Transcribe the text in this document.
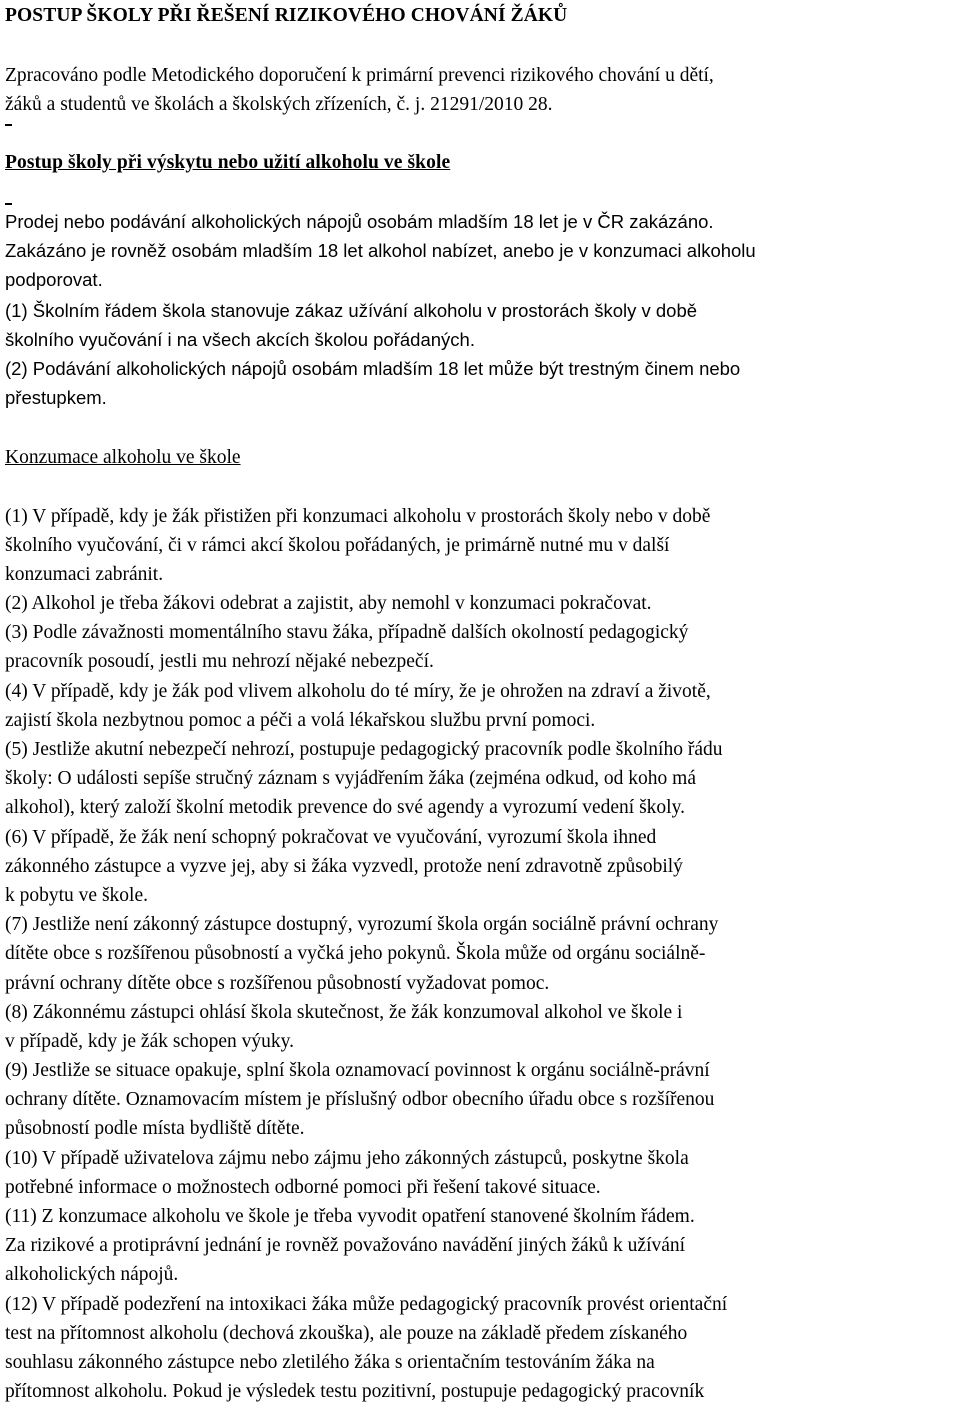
POSTUP ŠKOLY PŘI ŘEŠENÍ RIZIKOVÉHO CHOVÁNÍ ŽÁKŮ
Zpracováno podle Metodického doporučení k primární prevenci rizikového chování u dětí,
žáků a studentů ve školách a školských zřízeních, č. j. 21291/2010 28.
Postup školy při výskytu nebo užití alkoholu ve škole
Prodej nebo podávání alkoholických nápojů osobám mladším 18 let je v ČR zakázáno.
Zakázáno je rovněž osobám mladším 18 let alkohol nabízet, anebo je v konzumaci alkoholu
podporovat.
(1) Školním řádem škola stanovuje zákaz užívání alkoholu v prostorách školy v době
školního vyučování i na všech akcích školou pořádaných.
(2) Podávání alkoholických nápojů osobám mladším 18 let může být trestným činem nebo
přestupkem.
Konzumace alkoholu ve škole
(1) V případě, kdy je žák přistižen při konzumaci alkoholu v prostorách školy nebo v době
školního vyučování, či v rámci akcí školou pořádaných, je primárně nutné mu v další
konzumaci zabránit.
(2) Alkohol je třeba žákovi odebrat a zajistit, aby nemohl v konzumaci pokračovat.
(3) Podle závažnosti momentálního stavu žáka, případně dalších okolností pedagogický
pracovník posoudí, jestli mu nehrozí nějaké nebezpečí.
(4) V případě, kdy je žák pod vlivem alkoholu do té míry, že je ohrožen na zdraví a životě,
zajistí škola nezbytnou pomoc a péči a volá lékařskou službu první pomoci.
(5) Jestliže akutní nebezpečí nehrozí, postupuje pedagogický pracovník podle školního řádu
školy: O události sepíše stručný záznam s vyjádřením žáka (zejména odkud, od koho má
alkohol), který založí školní metodik prevence do své agendy a vyrozumí vedení školy.
(6) V případě, že žák není schopný pokračovat ve vyučování, vyrozumí škola ihned
zákonného zástupce a vyzve jej, aby si žáka vyzvedl, protože není zdravotně způsobilý
k pobytu ve škole.
(7) Jestliže není zákonný zástupce dostupný, vyrozumí škola orgán sociálně právní ochrany
dítěte obce s rozšířenou působností a vyčká jeho pokynů. Škola může od orgánu sociálně-
právní ochrany dítěte obce s rozšířenou působností vyžadovat pomoc.
(8) Zákonnému zástupci ohlásí škola skutečnost, že žák konzumoval alkohol ve škole i
v případě, kdy je žák schopen výuky.
(9) Jestliže se situace opakuje, splní škola oznamovací povinnost k orgánu sociálně-právní
ochrany dítěte. Oznamovacím místem je příslušný odbor obecního úřadu obce s rozšířenou
působností podle místa bydliště dítěte.
(10) V případě uživatelova zájmu nebo zájmu jeho zákonných zástupců, poskytne škola
potřebné informace o možnostech odborné pomoci při řešení takové situace.
(11) Z konzumace alkoholu ve škole je třeba vyvodit opatření stanovené školním řádem.
Za rizikové a protiprávní jednání je rovněž považováno navádění jiných žáků k užívání
alkoholických nápojů.
(12) V případě podezření na intoxikaci žáka může pedagogický pracovník provést orientační
test na přítomnost alkoholu (dechová zkouška), ale pouze na základě předem získaného
souhlasu zákonného zástupce nebo zletilého žáka s orientačním testováním žáka na
přítomnost alkoholu. Pokud je výsledek testu pozitivní, postupuje pedagogický pracovník
